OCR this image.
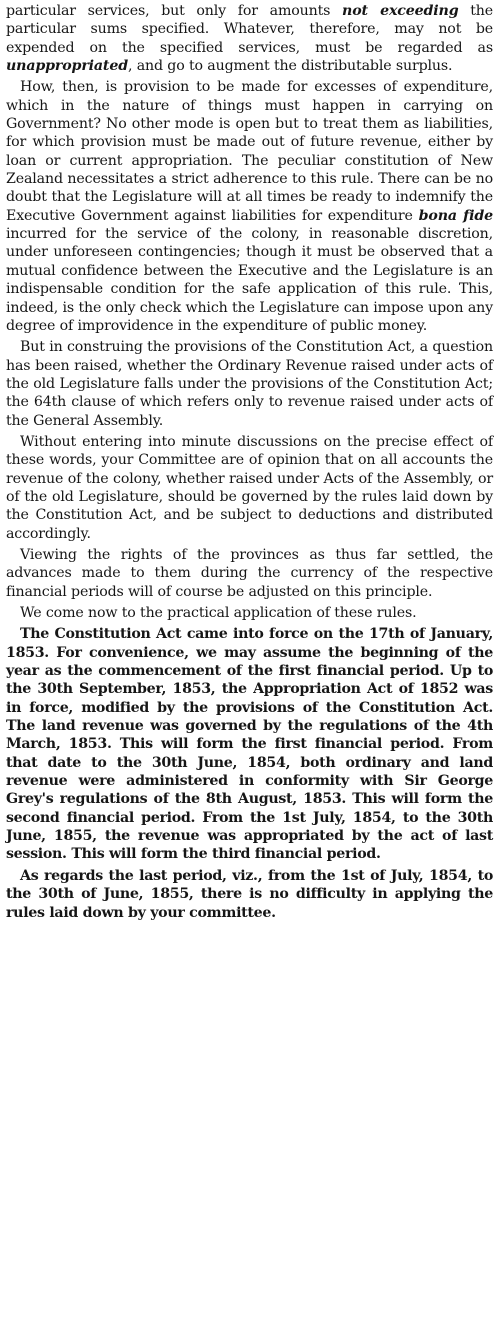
particular services, but only for amounts not exceeding the particular sums specified. Whatever, therefore, may not be expended on the specified services, must be regarded as unappropriated, and go to augment the distributable surplus.

How, then, is provision to be made for excesses of expenditure, which in the nature of things must happen in carrying on Government? No other mode is open but to treat them as liabilities, for which provision must be made out of future revenue, either by loan or current appropriation. The peculiar constitution of New Zealand necessitates a strict adherence to this rule. There can be no doubt that the Legislature will at all times be ready to indemnify the Executive Government against liabilities for expenditure bona fide incurred for the service of the colony, in reasonable discretion, under unforeseen contingencies; though it must be observed that a mutual confidence between the Executive and the Legislature is an indispensable condition for the safe application of this rule. This, indeed, is the only check which the Legislature can impose upon any degree of improvidence in the expenditure of public money.

But in construing the provisions of the Constitution Act, a question has been raised, whether the Ordinary Revenue raised under acts of the old Legislature falls under the provisions of the Constitution Act; the 64th clause of which refers only to revenue raised under acts of the General Assembly.

Without entering into minute discussions on the precise effect of these words, your Committee are of opinion that on all accounts the revenue of the colony, whether raised under Acts of the Assembly, or of the old Legislature, should be governed by the rules laid down by the Constitution Act, and be subject to deductions and distributed accordingly.

Viewing the rights of the provinces as thus far settled, the advances made to them during the currency of the respective financial periods will of course be adjusted on this principle.

We come now to the practical application of these rules.

The Constitution Act came into force on the 17th of January, 1853. For convenience, we may assume the beginning of the year as the commencement of the first financial period. Up to the 30th September, 1853, the Appropriation Act of 1852 was in force, modified by the provisions of the Constitution Act. The land revenue was governed by the regulations of the 4th March, 1853. This will form the first financial period. From that date to the 30th June, 1854, both ordinary and land revenue were administered in conformity with Sir George Grey's regulations of the 8th August, 1853. This will form the second financial period. From the 1st July, 1854, to the 30th June, 1855, the revenue was appropriated by the act of last session. This will form the third financial period.

As regards the last period, viz., from the 1st of July, 1854, to the 30th of June, 1855, there is no difficulty in applying the rules laid down by your committee.
